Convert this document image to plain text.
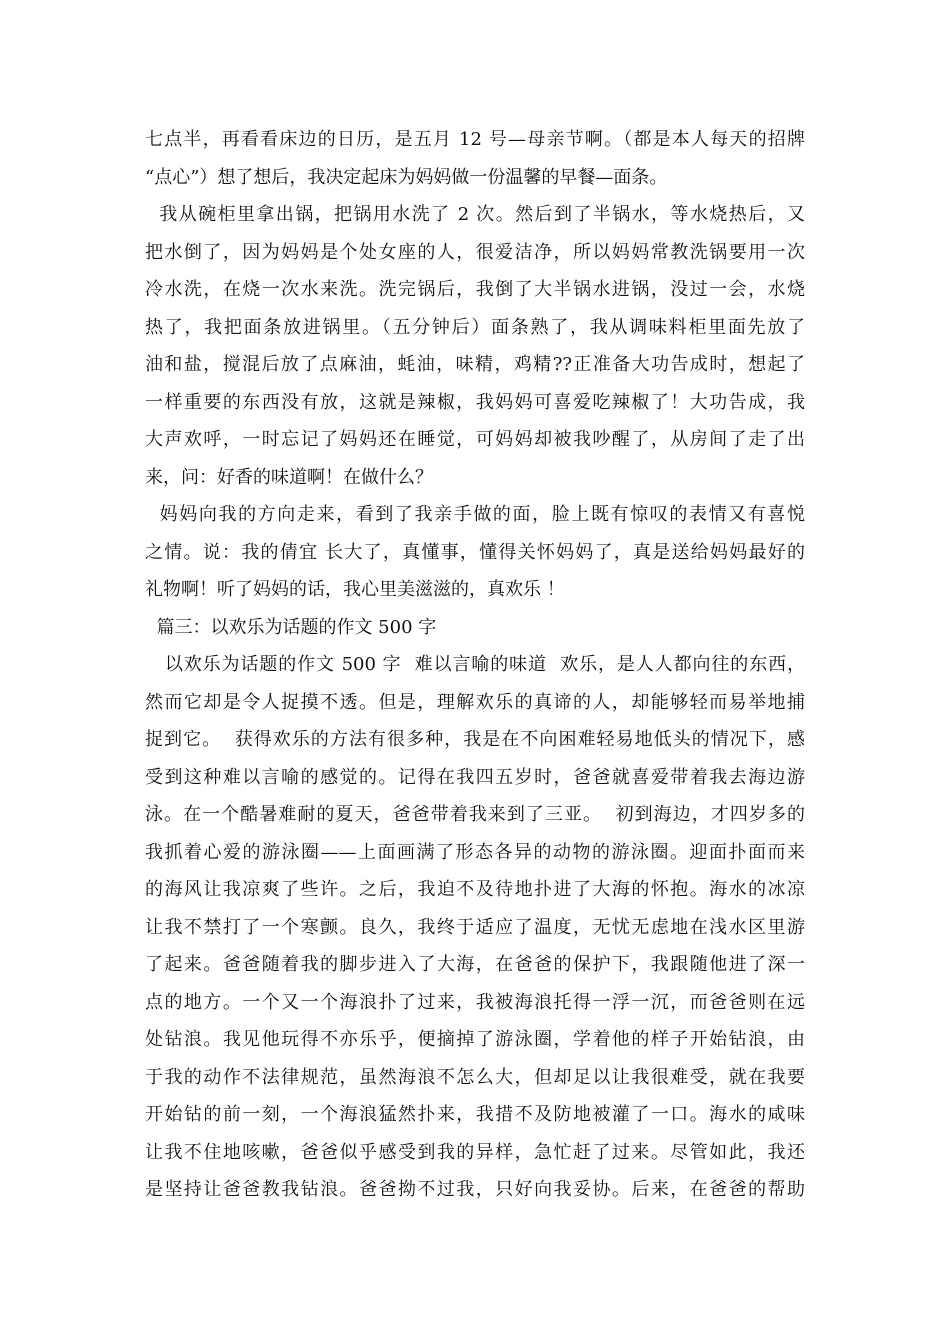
七点半，再看看床边的日历，是五月 12 号—母亲节啊。（都是本人每天的招牌
“点心”）想了想后，我决定起床为妈妈做一份温馨的早餐—面条。
我从碗柜里拿出锅，把锅用水洗了 2 次。然后到了半锅水，等水烧热后，又
把水倒了，因为妈妈是个处女座的人，很爱洁净，所以妈妈常教洗锅要用一次
冷水洗，在烧一次水来洗。洗完锅后，我倒了大半锅水进锅，没过一会，水烧
热了，我把面条放进锅里。（五分钟后）面条熟了，我从调味料柜里面先放了
油和盐，搅混后放了点麻油，蚝油，味精，鸡精??正准备大功告成时，想起了
一样重要的东西没有放，这就是辣椒，我妈妈可喜爱吃辣椒了！大功告成，我
大声欢呼，一时忘记了妈妈还在睡觉，可妈妈却被我吵醒了，从房间了走了出
来，问：好香的味道啊！在做什么？
妈妈向我的方向走来，看到了我亲手做的面，脸上既有惊叹的表情又有喜悦
之情。说：我的倩宜 长大了，真懂事，懂得关怀妈妈了，真是送给妈妈最好的
礼物啊！听了妈妈的话，我心里美滋滋的，真欢乐 ！
篇三：以欢乐为话题的作文 500 字
以欢乐为话题的作文 500 字  难以言喻的味道  欢乐，是人人都向往的东西，
然而它却是令人捉摸不透。但是，理解欢乐的真谛的人，却能够轻而易举地捕
捉到它。  获得欢乐的方法有很多种，我是在不向困难轻易地低头的情况下，感
受到这种难以言喻的感觉的。记得在我四五岁时，爸爸就喜爱带着我去海边游
泳。在一个酷暑难耐的夏天，爸爸带着我来到了三亚。  初到海边，才四岁多的
我抓着心爱的游泳圈——上面画满了形态各异的动物的游泳圈。迎面扑面而来
的海风让我凉爽了些许。之后，我迫不及待地扑进了大海的怀抱。海水的冰凉
让我不禁打了一个寒颤。良久，我终于适应了温度，无忧无虑地在浅水区里游
了起来。爸爸随着我的脚步进入了大海，在爸爸的保护下，我跟随他进了深一
点的地方。一个又一个海浪扑了过来，我被海浪托得一浮一沉，而爸爸则在远
处钻浪。我见他玩得不亦乐乎，便摘掉了游泳圈，学着他的样子开始钻浪，由
于我的动作不法律规范，虽然海浪不怎么大，但却足以让我很难受，就在我要
开始钻的前一刻，一个海浪猛然扑来，我措不及防地被灌了一口。海水的咸味
让我不住地咳嗽，爸爸似乎感受到我的异样，急忙赶了过来。尽管如此，我还
是坚持让爸爸教我钻浪。爸爸拗不过我，只好向我妥协。后来，在爸爸的帮助
